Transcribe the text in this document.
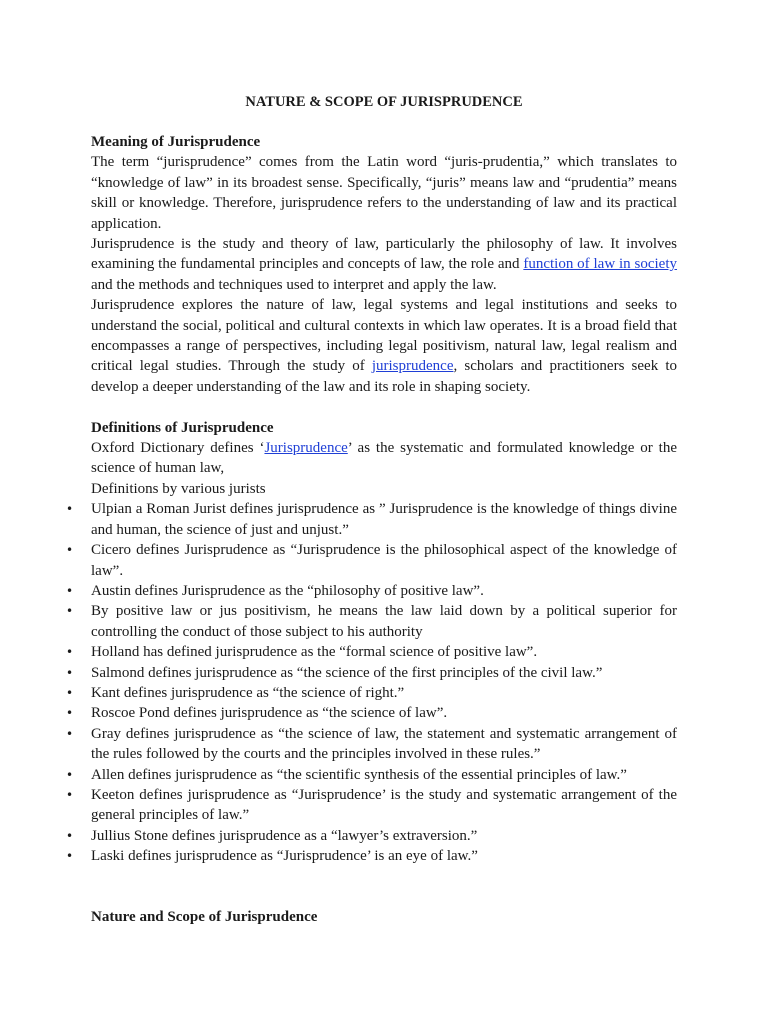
NATURE & SCOPE OF JURISPRUDENCE
Meaning of Jurisprudence

The term “jurisprudence” comes from the Latin word “juris-prudentia,” which translates to “knowledge of law” in its broadest sense. Specifically, “juris” means law and “prudentia” means skill or knowledge. Therefore, jurisprudence refers to the understanding of law and its practical application.

Jurisprudence is the study and theory of law, particularly the philosophy of law. It involves examining the fundamental principles and concepts of law, the role and function of law in society and the methods and techniques used to interpret and apply the law.

Jurisprudence explores the nature of law, legal systems and legal institutions and seeks to understand the social, political and cultural contexts in which law operates. It is a broad field that encompasses a range of perspectives, including legal positivism, natural law, legal realism and critical legal studies. Through the study of jurisprudence, scholars and practitioners seek to develop a deeper understanding of the law and its role in shaping society.

Definitions of Jurisprudence

Oxford Dictionary defines ‘Jurisprudence’ as the systematic and formulated knowledge or the science of human law,

Definitions by various jurists

• Ulpian a Roman Jurist defines jurisprudence as ” Jurisprudence is the knowledge of things divine and human, the science of just and unjust.”
• Cicero defines Jurisprudence as “Jurisprudence is the philosophical aspect of the knowledge of law”.
• Austin defines Jurisprudence as the “philosophy of positive law”.
• By positive law or jus positivism, he means the law laid down by a political superior for controlling the conduct of those subject to his authority
• Holland has defined jurisprudence as the “formal science of positive law”.
• Salmond defines jurisprudence as “the science of the first principles of the civil law.”
• Kant defines jurisprudence as “the science of right.”
• Roscoe Pond defines jurisprudence as “the science of law”.
• Gray defines jurisprudence as “the science of law, the statement and systematic arrangement of the rules followed by the courts and the principles involved in these rules.”
• Allen defines jurisprudence as “the scientific synthesis of the essential principles of law.”
• Keeton defines jurisprudence as “Jurisprudence’ is the study and systematic arrangement of the general principles of law.”
• Jullius Stone defines jurisprudence as a “lawyer’s extraversion.”
• Laski defines jurisprudence as “Jurisprudence’ is an eye of law.”
Nature and Scope of Jurisprudence
